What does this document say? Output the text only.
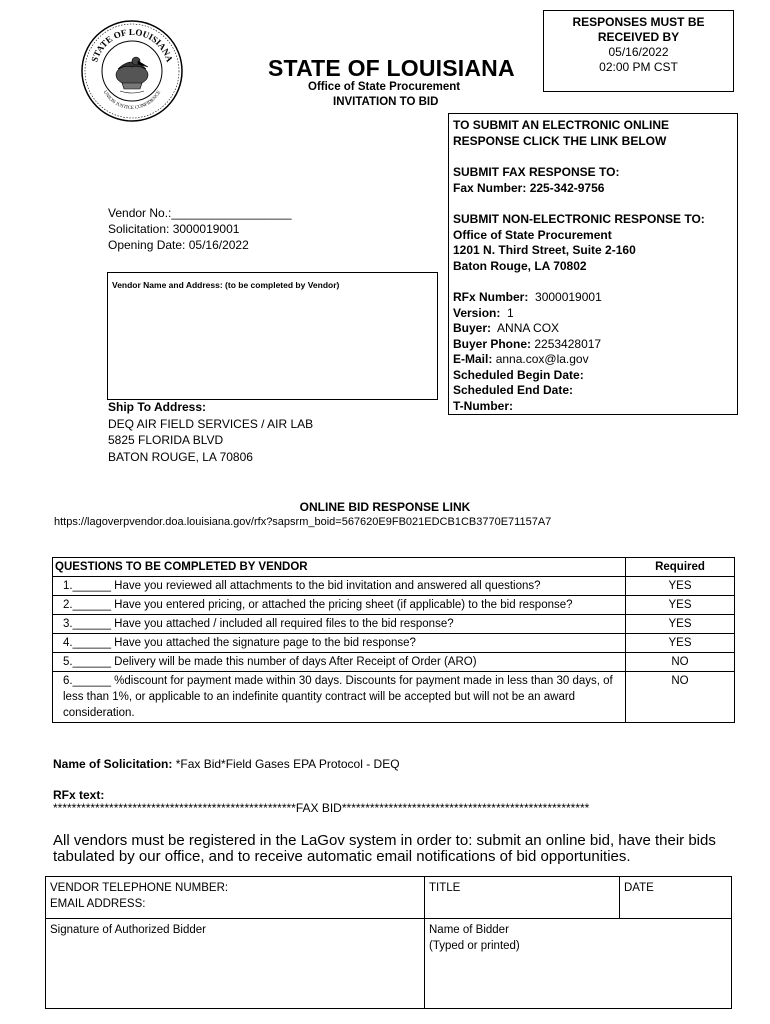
STATE OF LOUISIANA
UNION JUSTICE CONFIDENCE
RESPONSES MUST BE
RECEIVED BY
05/16/2022
02:00 PM CST
STATE OF LOUISIANA
Office of State Procurement
INVITATION TO BID

TO SUBMIT AN ELECTRONIC ONLINE

RESPONSE CLICK THE LINK BELOW

SUBMIT FAX RESPONSE TO:

Fax Number: 225-342-9756

SUBMIT NON-ELECTRONIC RESPONSE TO:

Office of State Procurement

1201 N. Third Street, Suite 2-160

Baton Rouge, LA 70802

RFx Number: 3000019001

Version: 1

Buyer: ANNA COX

Buyer Phone: 2253428017

E-Mail: anna.cox@la.gov

Scheduled Begin Date:

Scheduled End Date:

T-Number:

Vendor No.:__________________
Solicitation: 3000019001
Opening Date: 05/16/2022
Vendor Name and Address: (to be completed by Vendor)
Ship To Address:
DEQ AIR FIELD SERVICES / AIR LAB
5825 FLORIDA BLVD
BATON ROUGE, LA 70806
ONLINE BID RESPONSE LINK
https://lagoverpvendor.doa.louisiana.gov/rfx?sapsrm_boid=567620E9FB021EDCB1CB3770E71157A7
QUESTIONS TO BE COMPLETED BY VENDOR	Required
1.______ Have you reviewed all attachments to the bid invitation and answered all questions?	YES
2.______ Have you entered pricing, or attached the pricing sheet (if applicable) to the bid response?	YES
3.______ Have you attached / included all required files to the bid response?	YES
4.______ Have you attached the signature page to the bid response?	YES
5.______ Delivery will be made this number of days After Receipt of Order (ARO)	NO
6.______ %discount for payment made within 30 days. Discounts for payment made in less than 30 days, of less than 1%, or applicable to an indefinite quantity contract will be accepted but will not be an award consideration.	NO
Name of Solicitation: *Fax Bid*Field Gases EPA Protocol - DEQ
RFx text:
****************************************************FAX BID*****************************************************
All vendors must be registered in the LaGov system in order to: submit an online bid, have their bids tabulated by our office, and to receive automatic email notifications of bid opportunities.
VENDOR TELEPHONE NUMBER:
EMAIL ADDRESS:	TITLE	DATE

Signature of Authorized Bidder	Name of Bidder
(Typed or printed)	
